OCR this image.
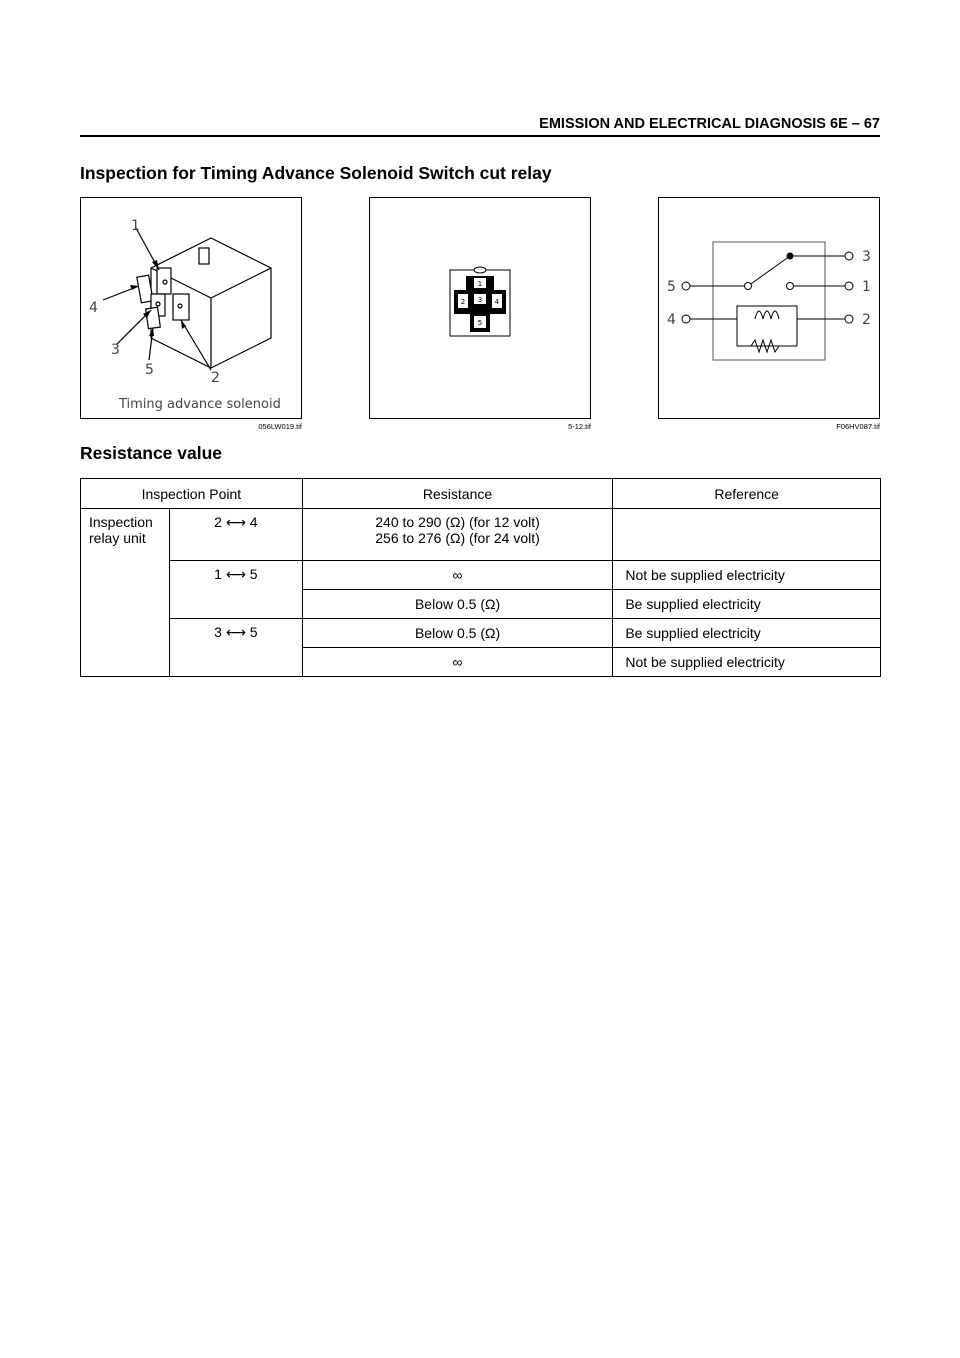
EMISSION AND ELECTRICAL DIAGNOSIS 6E – 67
Inspection for Timing Advance Solenoid Switch cut relay
1
4
3
5	2
Timing advance solenoid
056LW019.tif
1
2 3 4
5
5-12.tif
3
1
2
5
4
F06HV087.tif
Resistance value
Inspection Point		Resistance	Reference
Inspection relay unit	2 ⟷ 4	240 to 290 (Ω) (for 12 volt)
256 to 276 (Ω) (for 24 volt)	

	1 ⟷ 5	∞	Not be supplied electricity
		Below 0.5 (Ω)	Be supplied electricity
	3 ⟷ 5	Below 0.5 (Ω)	Be supplied electricity
		∞	Not be supplied electricity
